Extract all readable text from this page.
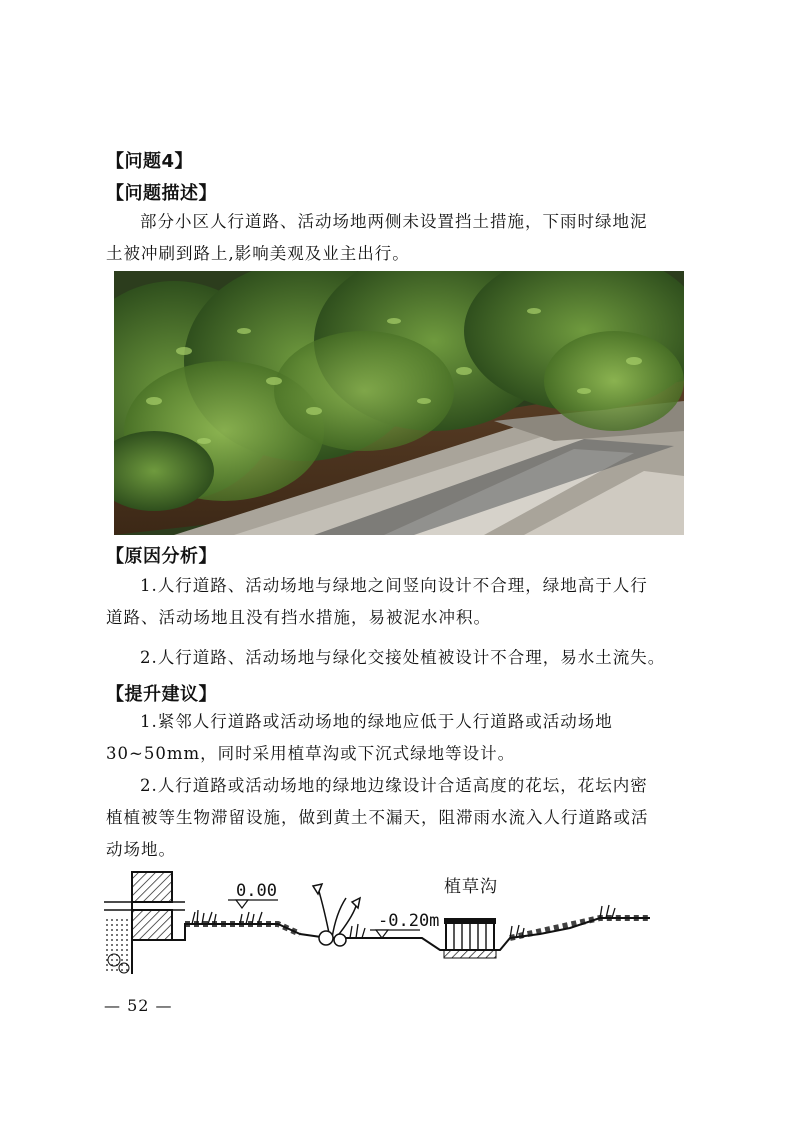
【问题4】
【问题描述】
部分小区人行道路、活动场地两侧未设置挡土措施，下雨时绿地泥
土被冲刷到路上,影响美观及业主出行。
【原因分析】
1.人行道路、活动场地与绿地之间竖向设计不合理，绿地高于人行
道路、活动场地且没有挡水措施，易被泥水冲积。
2.人行道路、活动场地与绿化交接处植被设计不合理，易水土流失。
【提升建议】
1.紧邻人行道路或活动场地的绿地应低于人行道路或活动场地
30~50mm，同时采用植草沟或下沉式绿地等设计。
2.人行道路或活动场地的绿地边缘设计合适高度的花坛，花坛内密
植植被等生物滞留设施，做到黄土不漏天，阻滞雨水流入人行道路或活
动场地。
0.00
-0.20m
植草沟
— 52 —
